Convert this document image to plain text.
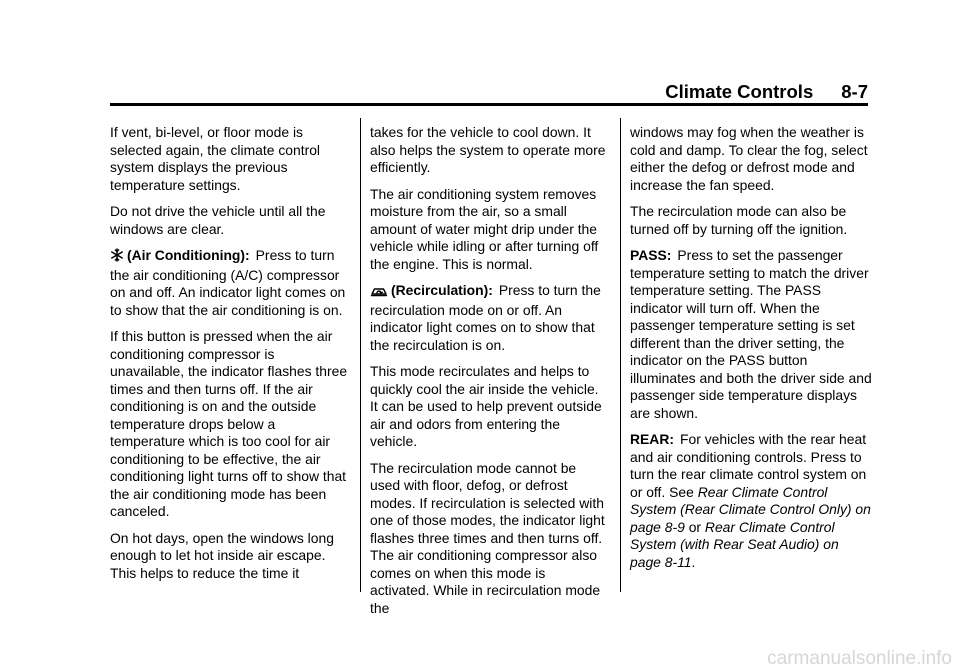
Climate Controls 8-7

If vent, bi-level, or floor mode is selected again, the climate control system displays the previous temperature settings.

Do not drive the vehicle until all the windows are clear.

(Air Conditioning): Press to turn the air conditioning (A/C) compressor on and off. An indicator light comes on to show that the air conditioning is on.

If this button is pressed when the air conditioning compressor is unavailable, the indicator flashes three times and then turns off. If the air conditioning is on and the outside temperature drops below a temperature which is too cool for air conditioning to be effective, the air conditioning light turns off to show that the air conditioning mode has been canceled.

On hot days, open the windows long enough to let hot inside air escape. This helps to reduce the time it

takes for the vehicle to cool down. It also helps the system to operate more efficiently.

The air conditioning system removes moisture from the air, so a small amount of water might drip under the vehicle while idling or after turning off the engine. This is normal.

(Recirculation): Press to turn the recirculation mode on or off. An indicator light comes on to show that the recirculation is on.

This mode recirculates and helps to quickly cool the air inside the vehicle. It can be used to help prevent outside air and odors from entering the vehicle.

The recirculation mode cannot be used with floor, defog, or defrost modes. If recirculation is selected with one of those modes, the indicator light flashes three times and then turns off. The air conditioning compressor also comes on when this mode is activated. While in recirculation mode the

windows may fog when the weather is cold and damp. To clear the fog, select either the defog or defrost mode and increase the fan speed.

The recirculation mode can also be turned off by turning off the ignition.

PASS: Press to set the passenger temperature setting to match the driver temperature setting. The PASS indicator will turn off. When the passenger temperature setting is set different than the driver setting, the indicator on the PASS button illuminates and both the driver side and passenger side temperature displays are shown.

REAR: For vehicles with the rear heat and air conditioning controls. Press to turn the rear climate control system on or off. See Rear Climate Control System (Rear Climate Control Only) on page 8-9 or Rear Climate Control System (with Rear Seat Audio) on page 8-11.

carmanualsonline.info
